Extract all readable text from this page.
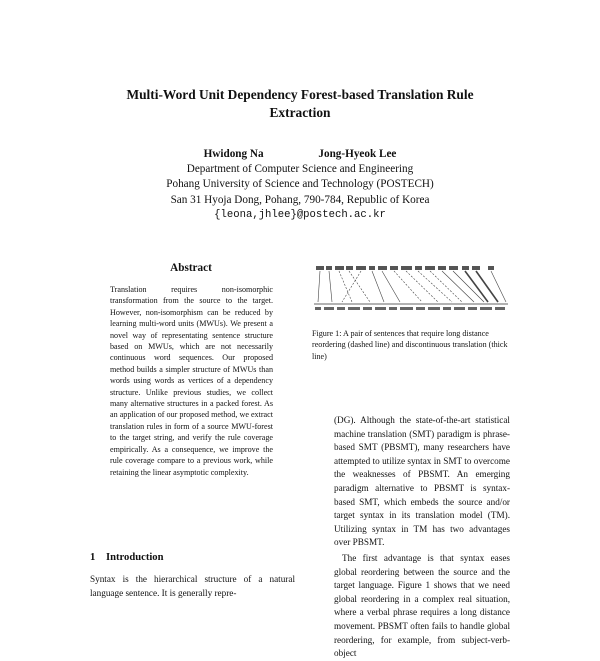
Multi-Word Unit Dependency Forest-based Translation Rule
Extraction
Hwidong Na	Jong-Hyeok Lee
Department of Computer Science and Engineering
Pohang University of Science and Technology (POSTECH)
San 31 Hyoja Dong, Pohang, 790-784, Republic of Korea
{leona,jhlee}@postech.ac.kr
Abstract

Translation requires non-isomorphic transformation from the source to the target. However, non-isomorphism can be reduced by learning multi-word units (MWUs). We present a novel way of representating sentence structure based on MWUs, which are not necessarily continuous word sequences. Our proposed method builds a simpler structure of MWUs than words using words as vertices of a dependency structure. Unlike previous studies, we collect many alternative structures in a packed forest. As an application of our proposed method, we extract translation rules in form of a source MWU-forest to the target string, and verify the rule coverage empirically. As a consequence, we improve the rule coverage compare to a previous work, while retaining the linear asymptotic complexity.

1 Introduction

Syntax is the hierarchical structure of a natural language sentence. It is generally repre-

Figure 1: A pair of sentences that require long distance reordering (dashed line) and discontinuous translation (thick line)

(DG). Although the state-of-the-art statistical machine translation (SMT) paradigm is phrase-based SMT (PBSMT), many researchers have attempted to utilize syntax in SMT to overcome the weaknesses of PBSMT. An emerging paradigm alternative to PBSMT is syntax-based SMT, which embeds the source and/or target syntax in its translation model (TM). Utilizing syntax in TM has two advantages over PBSMT.

The first advantage is that syntax eases global reordering between the source and the target language. Figure 1 shows that we need global reordering in a complex real situation, where a verbal phrase requires a long distance movement. PBSMT often fails to handle global reordering, for example, from subject-verb-object
